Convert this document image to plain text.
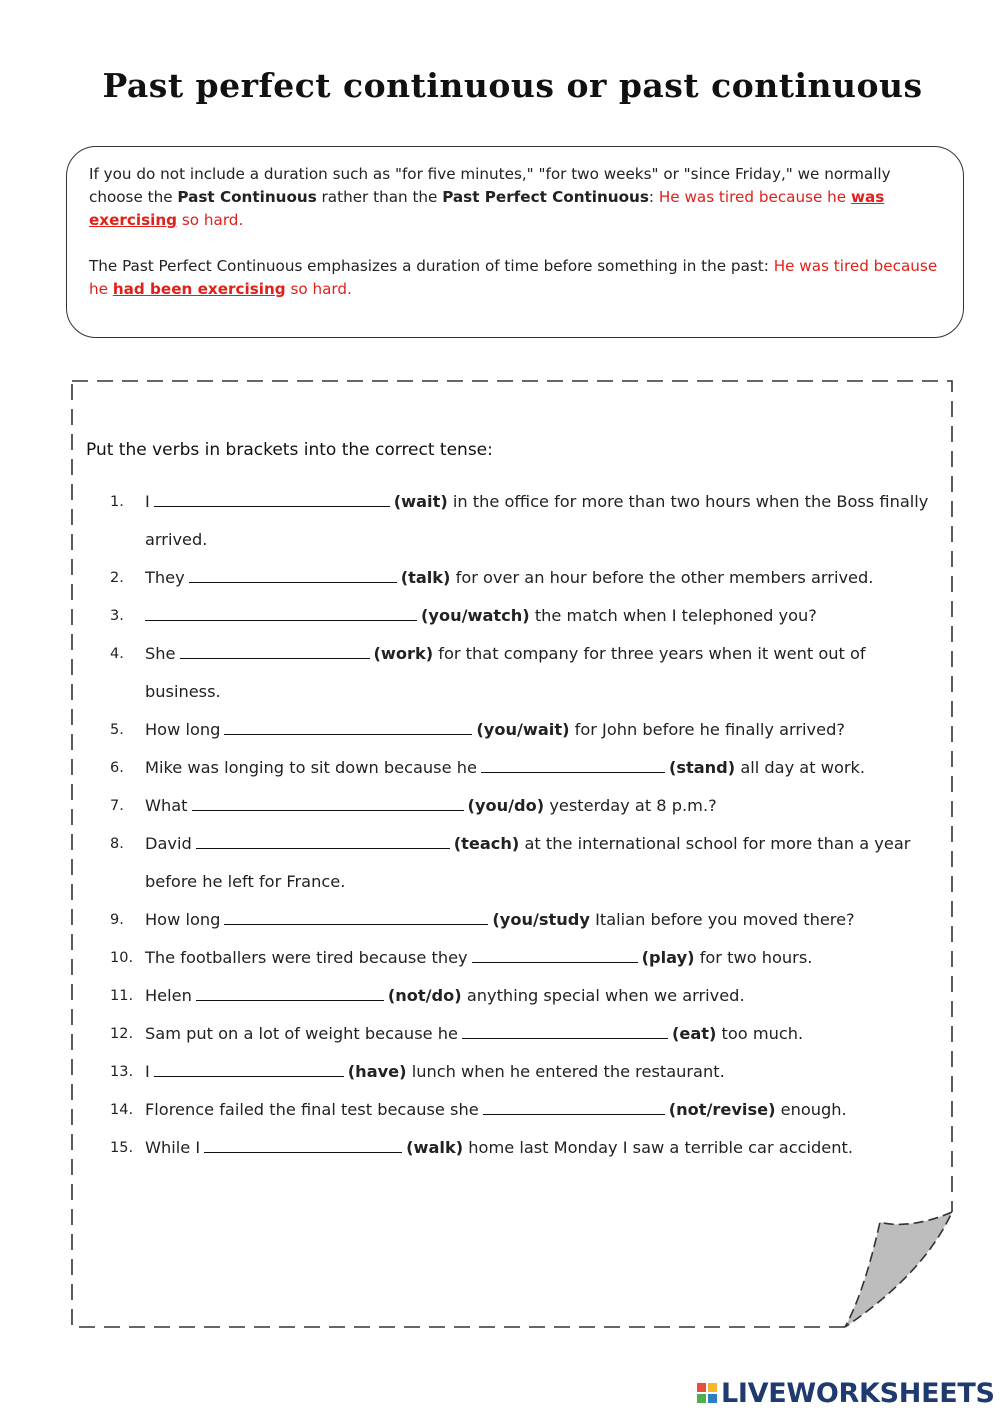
Past perfect continuous or past continuous

If you do not include a duration such as "for five minutes," "for two weeks" or "since Friday," we normally choose the Past Continuous rather than the Past Perfect Continuous: He was tired because he was exercising so hard.

The Past Perfect Continuous emphasizes a duration of time before something in the past: He was tired because he had been exercising so hard.

Put the verbs in brackets into the correct tense:
1.	I	(wait) in the office for more than two hours when the Boss finally arrived.
2.	They	(talk) for over an hour before the other members arrived.
3.	(you/watch) the match when I telephoned you?
4.	She	(work) for that company for three years when it went out of business.
5.	How long	(you/wait) for John before he finally arrived?
6.	Mike was longing to sit down because he	(stand) all day at work.
7.	What	(you/do) yesterday at 8 p.m.?
8.	David	(teach) at the international school for more than a year before he left for France.
9.	How long	(you/study Italian before you moved there?
10. The footballers were tired because they	(play) for two hours.
11. Helen	(not/do) anything special when we arrived.
12. Sam put on a lot of weight because he	(eat) too much.
13. I	(have) lunch when he entered the restaurant.
14. Florence failed the final test because she	(not/revise) enough.
15. While I	(walk) home last Monday I saw a terrible car accident.
LIVEWORKSHEETS
